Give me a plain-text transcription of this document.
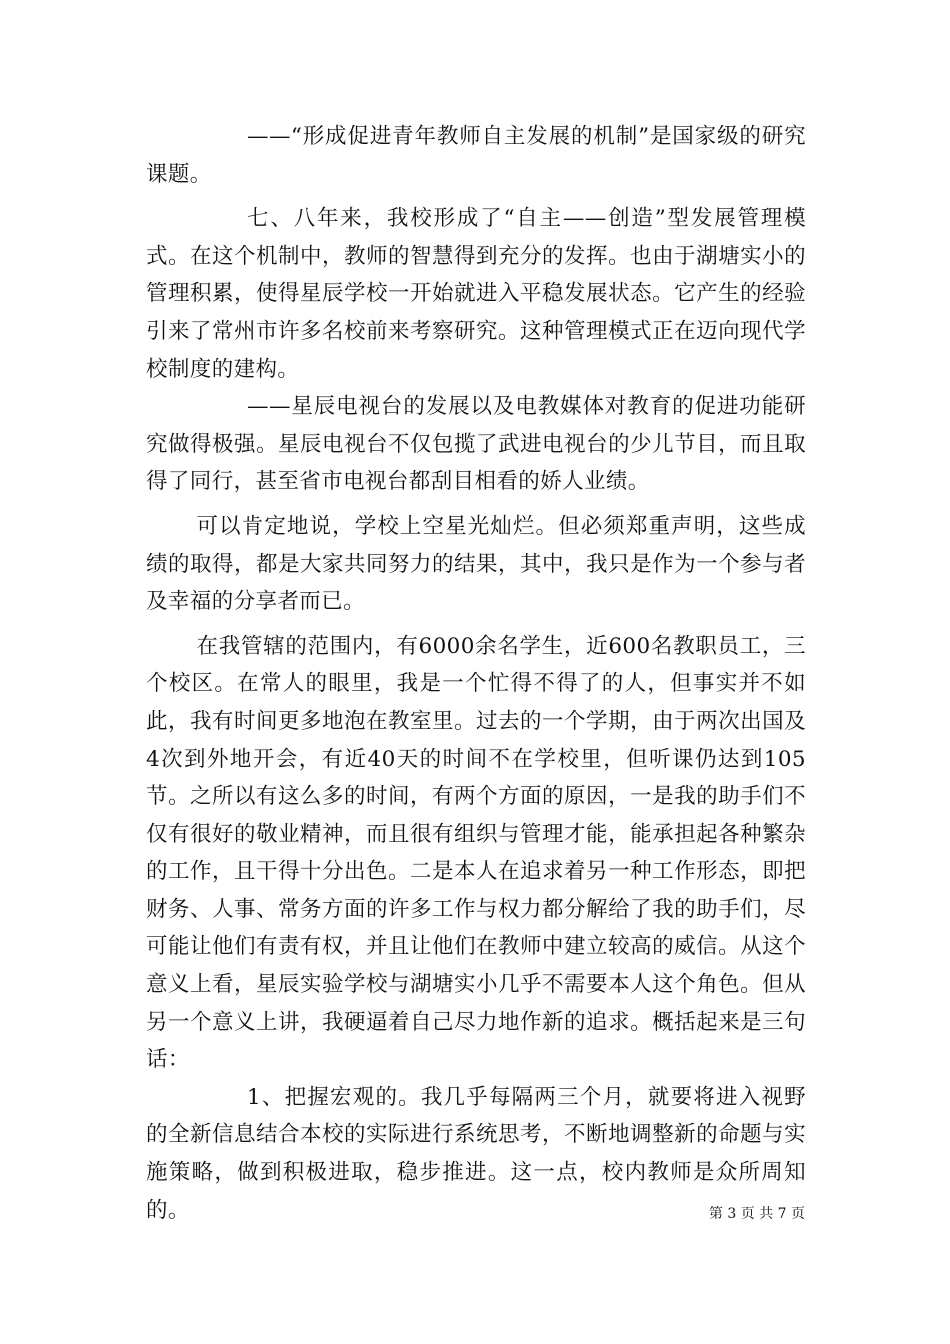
——“形成促进青年教师自主发展的机制”是国家级的研究课题。

七、八年来，我校形成了“自主——创造”型发展管理模式。在这个机制中，教师的智慧得到充分的发挥。也由于湖塘实小的管理积累，使得星辰学校一开始就进入平稳发展状态。它产生的经验引来了常州市许多名校前来考察研究。这种管理模式正在迈向现代学校制度的建构。

——星辰电视台的发展以及电教媒体对教育的促进功能研究做得极强。星辰电视台不仅包揽了武进电视台的少儿节目，而且取得了同行，甚至省市电视台都刮目相看的娇人业绩。

可以肯定地说，学校上空星光灿烂。但必须郑重声明，这些成绩的取得，都是大家共同努力的结果，其中，我只是作为一个参与者及幸福的分享者而已。

在我管辖的范围内，有6000余名学生，近600名教职员工，三个校区。在常人的眼里，我是一个忙得不得了的人，但事实并不如此，我有时间更多地泡在教室里。过去的一个学期，由于两次出国及4次到外地开会，有近40天的时间不在学校里，但听课仍达到105节。之所以有这么多的时间，有两个方面的原因，一是我的助手们不仅有很好的敬业精神，而且很有组织与管理才能，能承担起各种繁杂的工作，且干得十分出色。二是本人在追求着另一种工作形态，即把财务、人事、常务方面的许多工作与权力都分解给了我的助手们，尽可能让他们有责有权，并且让他们在教师中建立较高的威信。从这个意义上看，星辰实验学校与湖塘实小几乎不需要本人这个角色。但从另一个意义上讲，我硬逼着自己尽力地作新的追求。概括起来是三句话：

1、把握宏观的。我几乎每隔两三个月，就要将进入视野的全新信息结合本校的实际进行系统思考，不断地调整新的命题与实施策略，做到积极进取，稳步推进。这一点，校内教师是众所周知的。	第 3 页 共 7 页
